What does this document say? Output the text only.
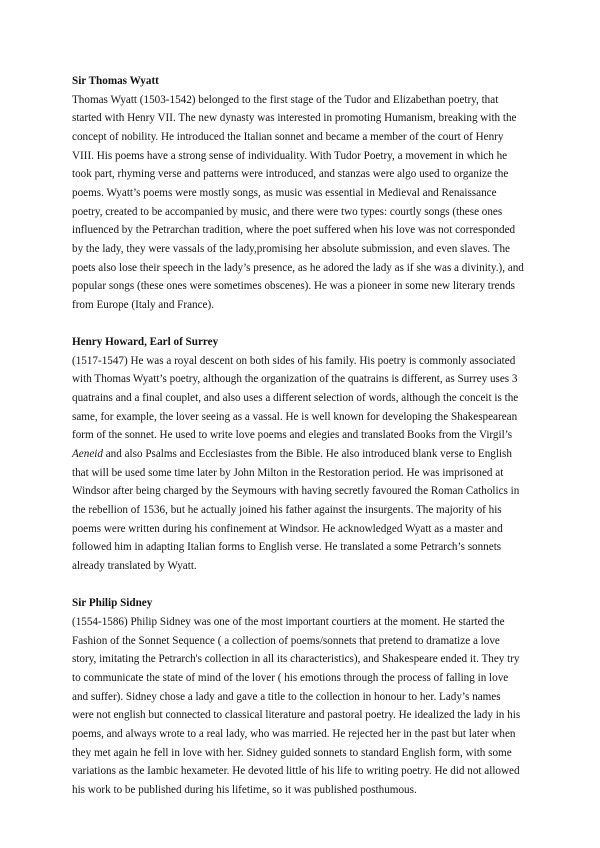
Sir Thomas Wyatt

Thomas Wyatt (1503-1542) belonged to the first stage of the Tudor and Elizabethan poetry, that started with Henry VII. The new dynasty was interested in promoting Humanism, breaking with the concept of nobility. He introduced the Italian sonnet and became a member of the court of Henry VIII. His poems have a strong sense of individuality. With Tudor Poetry, a movement in which he took part, rhyming verse and patterns were introduced, and stanzas were algo used to organize the poems. Wyatt’s poems were mostly songs, as music was essential in Medieval and Renaissance poetry, created to be accompanied by music, and there were two types: courtly songs (these ones influenced by the Petrarchan tradition, where the poet suffered when his love was not corresponded by the lady, they were vassals of the lady,promising her absolute submission, and even slaves. The poets also lose their speech in the lady’s presence, as he adored the lady as if she was a divinity.), and popular songs (these ones were sometimes obscenes). He was a pioneer in some new literary trends from Europe (Italy and France).

Henry Howard, Earl of Surrey

(1517-1547) He was a royal descent on both sides of his family. His poetry is commonly associated with Thomas Wyatt’s poetry, although the organization of the quatrains is different, as Surrey uses 3 quatrains and a final couplet, and also uses a different selection of words, although the conceit is the same, for example, the lover seeing as a vassal. He is well known for developing the Shakespearean form of the sonnet. He used to write love poems and elegies and translated Books from the Virgil’s Aeneid and also Psalms and Ecclesiastes from the Bible. He also introduced blank verse to English that will be used some time later by John Milton in the Restoration period. He was imprisoned at Windsor after being charged by the Seymours with having secretly favoured the Roman Catholics in the rebellion of 1536, but he actually joined his father against the insurgents. The majority of his poems were written during his confinement at Windsor. He acknowledged Wyatt as a master and followed him in adapting Italian forms to English verse. He translated a some Petrarch’s sonnets already translated by Wyatt.

Sir Philip Sidney

(1554-1586) Philip Sidney was one of the most important courtiers at the moment. He started the Fashion of the Sonnet Sequence ( a collection of poems/sonnets that pretend to dramatize a love story, imitating the Petrarch's collection in all its characteristics), and Shakespeare ended it. They try to communicate the state of mind of the lover ( his emotions through the process of falling in love and suffer). Sidney chose a lady and gave a title to the collection in honour to her. Lady’s names were not english but connected to classical literature and pastoral poetry. He idealized the lady in his poems, and always wrote to a real lady, who was married. He rejected her in the past but later when they met again he fell in love with her. Sidney guided sonnets to standard English form, with some variations as the Iambic hexameter. He devoted little of his life to writing poetry. He did not allowed his work to be published during his lifetime, so it was published posthumous.
